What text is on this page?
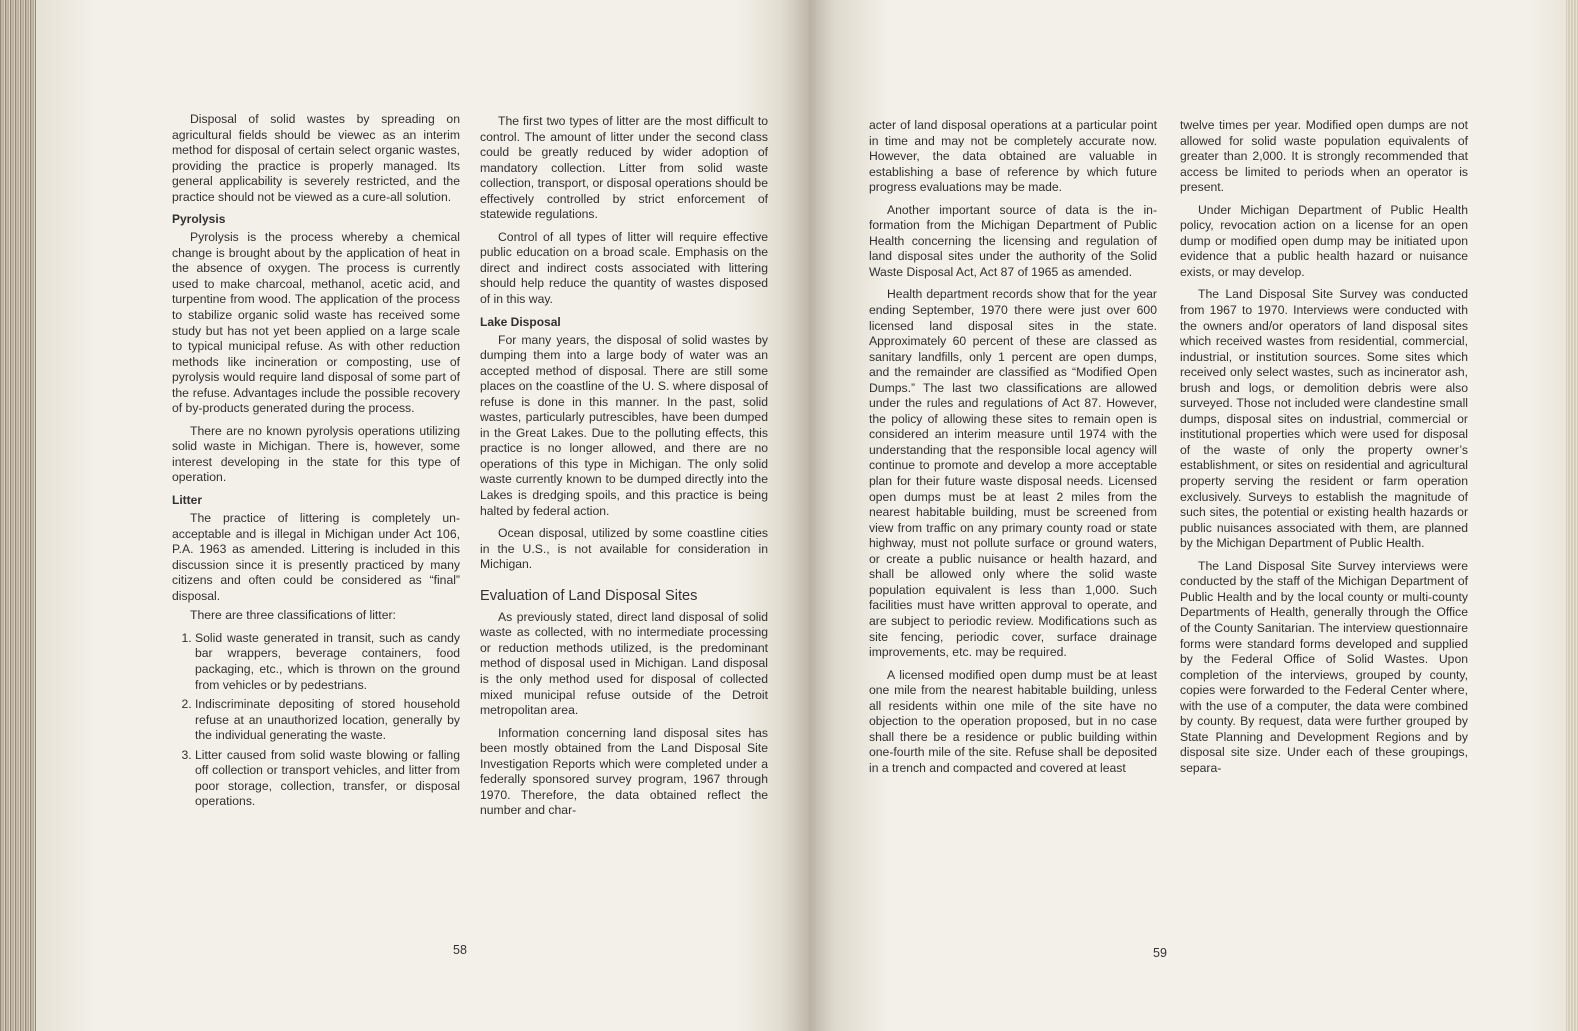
Disposal of solid wastes by spreading on agricultural fields should be viewec as an interim method for disposal of certain select organic wastes, providing the practice is properly managed. Its general applicability is severely restricted, and the practice should not be viewed as a cure-all solution.

Pyrolysis

Pyrolysis is the process whereby a chemical change is brought about by the application of heat in the absence of oxygen. The process is currently used to make charcoal, methanol, acetic acid, and turpentine from wood. The application of the process to stabilize organic solid waste has received some study but has not yet been applied on a large scale to typical municipal refuse. As with other reduction methods like incineration or composting, use of pyrolysis would require land disposal of some part of the refuse. Advantages include the possible recovery of by-products generated during the process.

There are no known pyrolysis operations utilizing solid waste in Michigan. There is, however, some interest developing in the state for this type of operation.

Litter

The practice of littering is completely unacceptable and is illegal in Michigan under Act 106, P.A. 1963 as amended. Littering is included in this discussion since it is presently practiced by many citizens and often could be considered as “final” disposal.

There are three classifications of litter:

1. Solid waste generated in transit, such as candy bar wrappers, beverage containers, food packaging, etc., which is thrown on the ground from vehicles or by pedestrians.
2. Indiscriminate depositing of stored household refuse at an unauthorized location, generally by the individual generating the waste.
3. Litter caused from solid waste blowing or falling off collection or transport vehicles, and litter from poor storage, collection, transfer, or disposal operations.

The first two types of litter are the most difficult to control. The amount of litter under the second class could be greatly reduced by wider adoption of mandatory collection. Litter from solid waste collection, transport, or disposal operations should be effectively controlled by strict enforcement of statewide regulations.

Control of all types of litter will require effective public education on a broad scale. Emphasis on the direct and indirect costs associated with littering should help reduce the quantity of wastes disposed of in this way.

Lake Disposal

For many years, the disposal of solid wastes by dumping them into a large body of water was an accepted method of disposal. There are still some places on the coastline of the U. S. where disposal of refuse is done in this manner. In the past, solid wastes, particularly putrescibles, have been dumped in the Great Lakes. Due to the polluting effects, this practice is no longer allowed, and there are no operations of this type in Michigan. The only solid waste currently known to be dumped directly into the Lakes is dredging spoils, and this practice is being halted by federal action.

Ocean disposal, utilized by some coastline cities in the U.S., is not available for consideration in Michigan.

Evaluation of Land Disposal Sites

As previously stated, direct land disposal of solid waste as collected, with no intermediate processing or reduction methods utilized, is the predominant method of disposal used in Michigan. Land disposal is the only method used for disposal of collected mixed municipal refuse outside of the Detroit metropolitan area.

Information concerning land disposal sites has been mostly obtained from the Land Disposal Site Investigation Reports which were completed under a federally sponsored survey program, 1967 through 1970. Therefore, the data obtained reflect the number and char-

58

acter of land disposal operations at a particular point in time and may not be completely accurate now. However, the data obtained are valuable in establishing a base of reference by which future progress evaluations may be made.

Another important source of data is the information from the Michigan Department of Public Health concerning the licensing and regulation of land disposal sites under the authority of the Solid Waste Disposal Act, Act 87 of 1965 as amended.

Health department records show that for the year ending September, 1970 there were just over 600 licensed land disposal sites in the state. Approximately 60 percent of these are classed as sanitary landfills, only 1 percent are open dumps, and the remainder are classified as “Modified Open Dumps.” The last two classifications are allowed under the rules and regulations of Act 87. However, the policy of allowing these sites to remain open is considered an interim measure until 1974 with the understanding that the responsible local agency will continue to promote and develop a more acceptable plan for their future waste disposal needs. Licensed open dumps must be at least 2 miles from the nearest habitable building, must be screened from view from traffic on any primary county road or state highway, must not pollute surface or ground waters, or create a public nuisance or health hazard, and shall be allowed only where the solid waste population equivalent is less than 1,000. Such facilities must have written approval to operate, and are subject to periodic review. Modifications such as site fencing, periodic cover, surface drainage improvements, etc. may be required.

A licensed modified open dump must be at least one mile from the nearest habitable building, unless all residents within one mile of the site have no objection to the operation proposed, but in no case shall there be a residence or public building within one-fourth mile of the site. Refuse shall be deposited in a trench and compacted and covered at least

twelve times per year. Modified open dumps are not allowed for solid waste population equivalents of greater than 2,000. It is strongly recommended that access be limited to periods when an operator is present.

Under Michigan Department of Public Health policy, revocation action on a license for an open dump or modified open dump may be initiated upon evidence that a public health hazard or nuisance exists, or may develop.

The Land Disposal Site Survey was conducted from 1967 to 1970. Interviews were conducted with the owners and/or operators of land disposal sites which received wastes from residential, commercial, industrial, or institution sources. Some sites which received only select wastes, such as incinerator ash, brush and logs, or demolition debris were also surveyed. Those not included were clandestine small dumps, disposal sites on industrial, commercial or institutional properties which were used for disposal of the waste of only the property owner’s establishment, or sites on residential and agricultural property serving the resident or farm operation exclusively. Surveys to establish the magnitude of such sites, the potential or existing health hazards or public nuisances associated with them, are planned by the Michigan Department of Public Health.

The Land Disposal Site Survey interviews were conducted by the staff of the Michigan Department of Public Health and by the local county or multi-county Departments of Health, generally through the Office of the County Sanitarian. The interview questionnaire forms were standard forms developed and supplied by the Federal Office of Solid Wastes. Upon completion of the interviews, grouped by county, copies were forwarded to the Federal Center where, with the use of a computer, the data were combined by county. By request, data were further grouped by State Planning and Development Regions and by disposal site size. Under each of these groupings, separa-

59
